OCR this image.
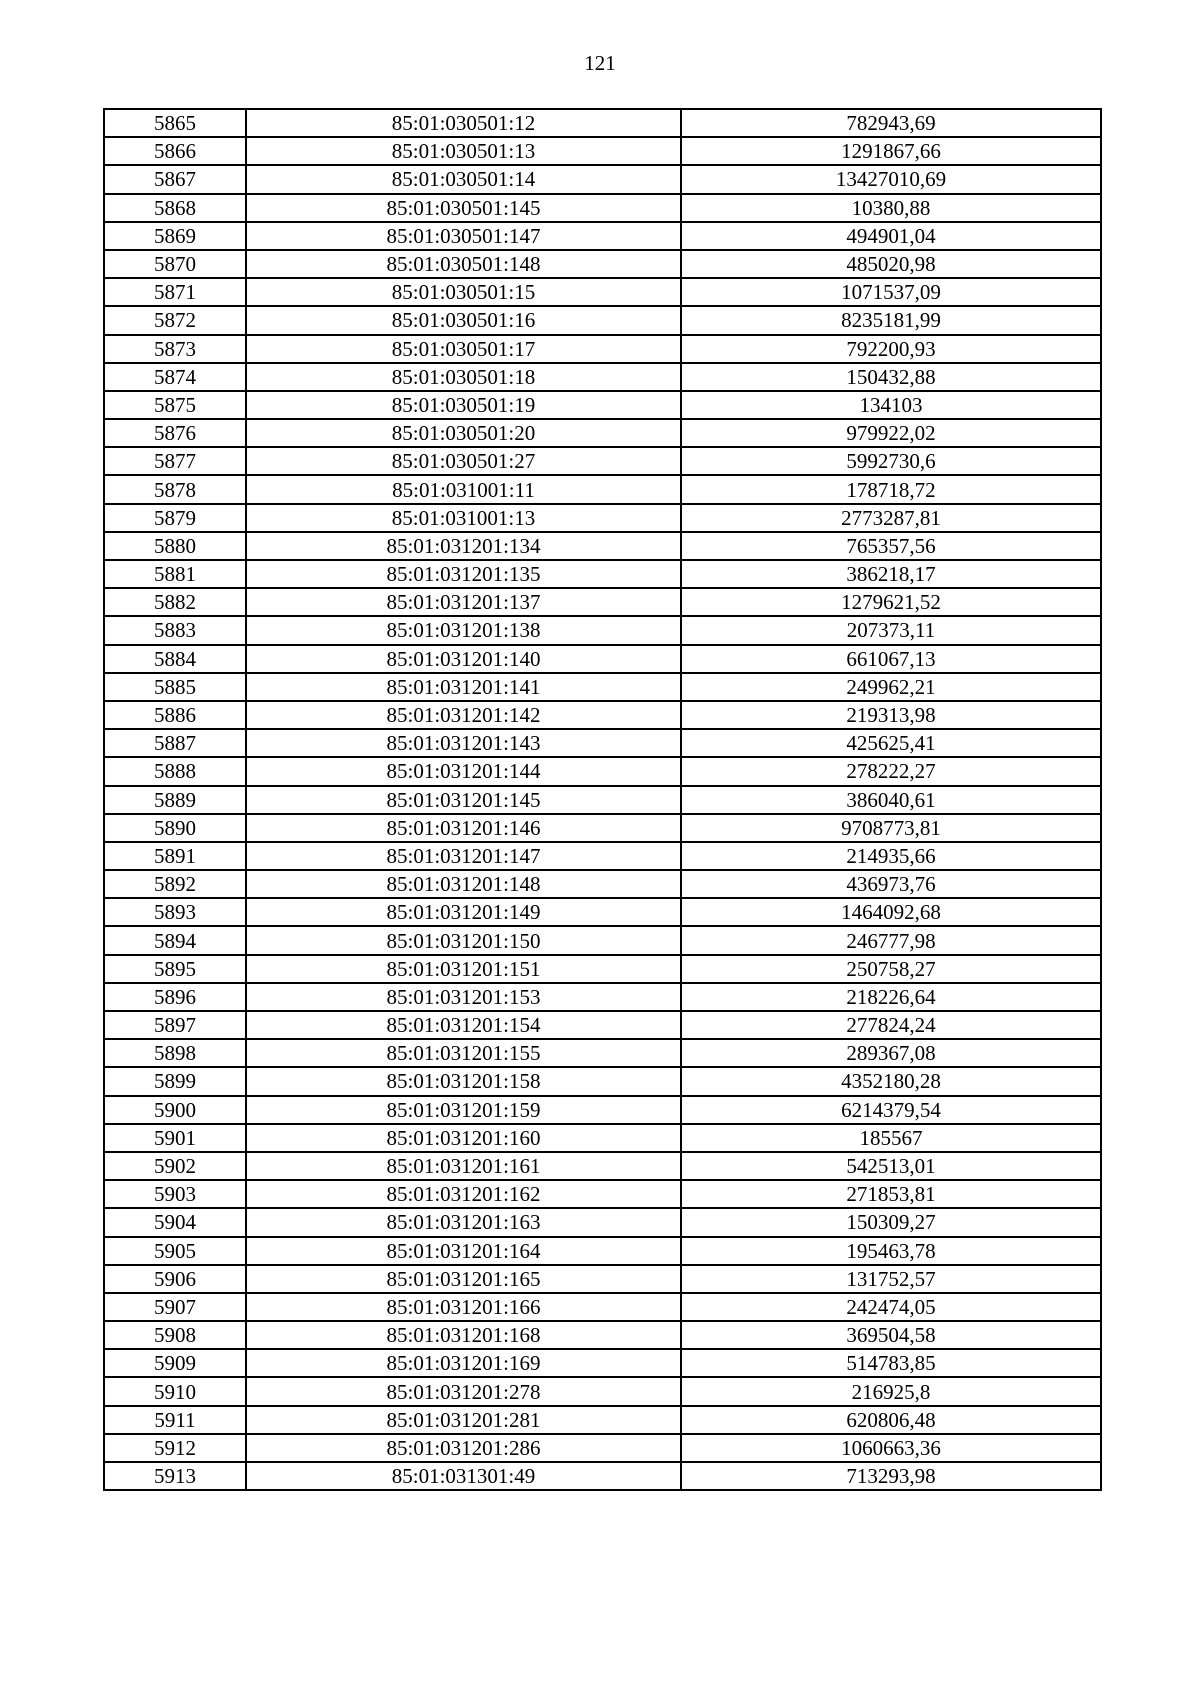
121
5865	85:01:030501:12	782943,69
5866	85:01:030501:13	1291867,66
5867	85:01:030501:14	13427010,69
5868	85:01:030501:145	10380,88
5869	85:01:030501:147	494901,04
5870	85:01:030501:148	485020,98
5871	85:01:030501:15	1071537,09
5872	85:01:030501:16	8235181,99
5873	85:01:030501:17	792200,93
5874	85:01:030501:18	150432,88
5875	85:01:030501:19	134103
5876	85:01:030501:20	979922,02
5877	85:01:030501:27	5992730,6
5878	85:01:031001:11	178718,72
5879	85:01:031001:13	2773287,81
5880	85:01:031201:134	765357,56
5881	85:01:031201:135	386218,17
5882	85:01:031201:137	1279621,52
5883	85:01:031201:138	207373,11
5884	85:01:031201:140	661067,13
5885	85:01:031201:141	249962,21
5886	85:01:031201:142	219313,98
5887	85:01:031201:143	425625,41
5888	85:01:031201:144	278222,27
5889	85:01:031201:145	386040,61
5890	85:01:031201:146	9708773,81
5891	85:01:031201:147	214935,66
5892	85:01:031201:148	436973,76
5893	85:01:031201:149	1464092,68
5894	85:01:031201:150	246777,98
5895	85:01:031201:151	250758,27
5896	85:01:031201:153	218226,64
5897	85:01:031201:154	277824,24
5898	85:01:031201:155	289367,08
5899	85:01:031201:158	4352180,28
5900	85:01:031201:159	6214379,54
5901	85:01:031201:160	185567
5902	85:01:031201:161	542513,01
5903	85:01:031201:162	271853,81
5904	85:01:031201:163	150309,27
5905	85:01:031201:164	195463,78
5906	85:01:031201:165	131752,57
5907	85:01:031201:166	242474,05
5908	85:01:031201:168	369504,58
5909	85:01:031201:169	514783,85
5910	85:01:031201:278	216925,8
5911	85:01:031201:281	620806,48
5912	85:01:031201:286	1060663,36
5913	85:01:031301:49	713293,98
